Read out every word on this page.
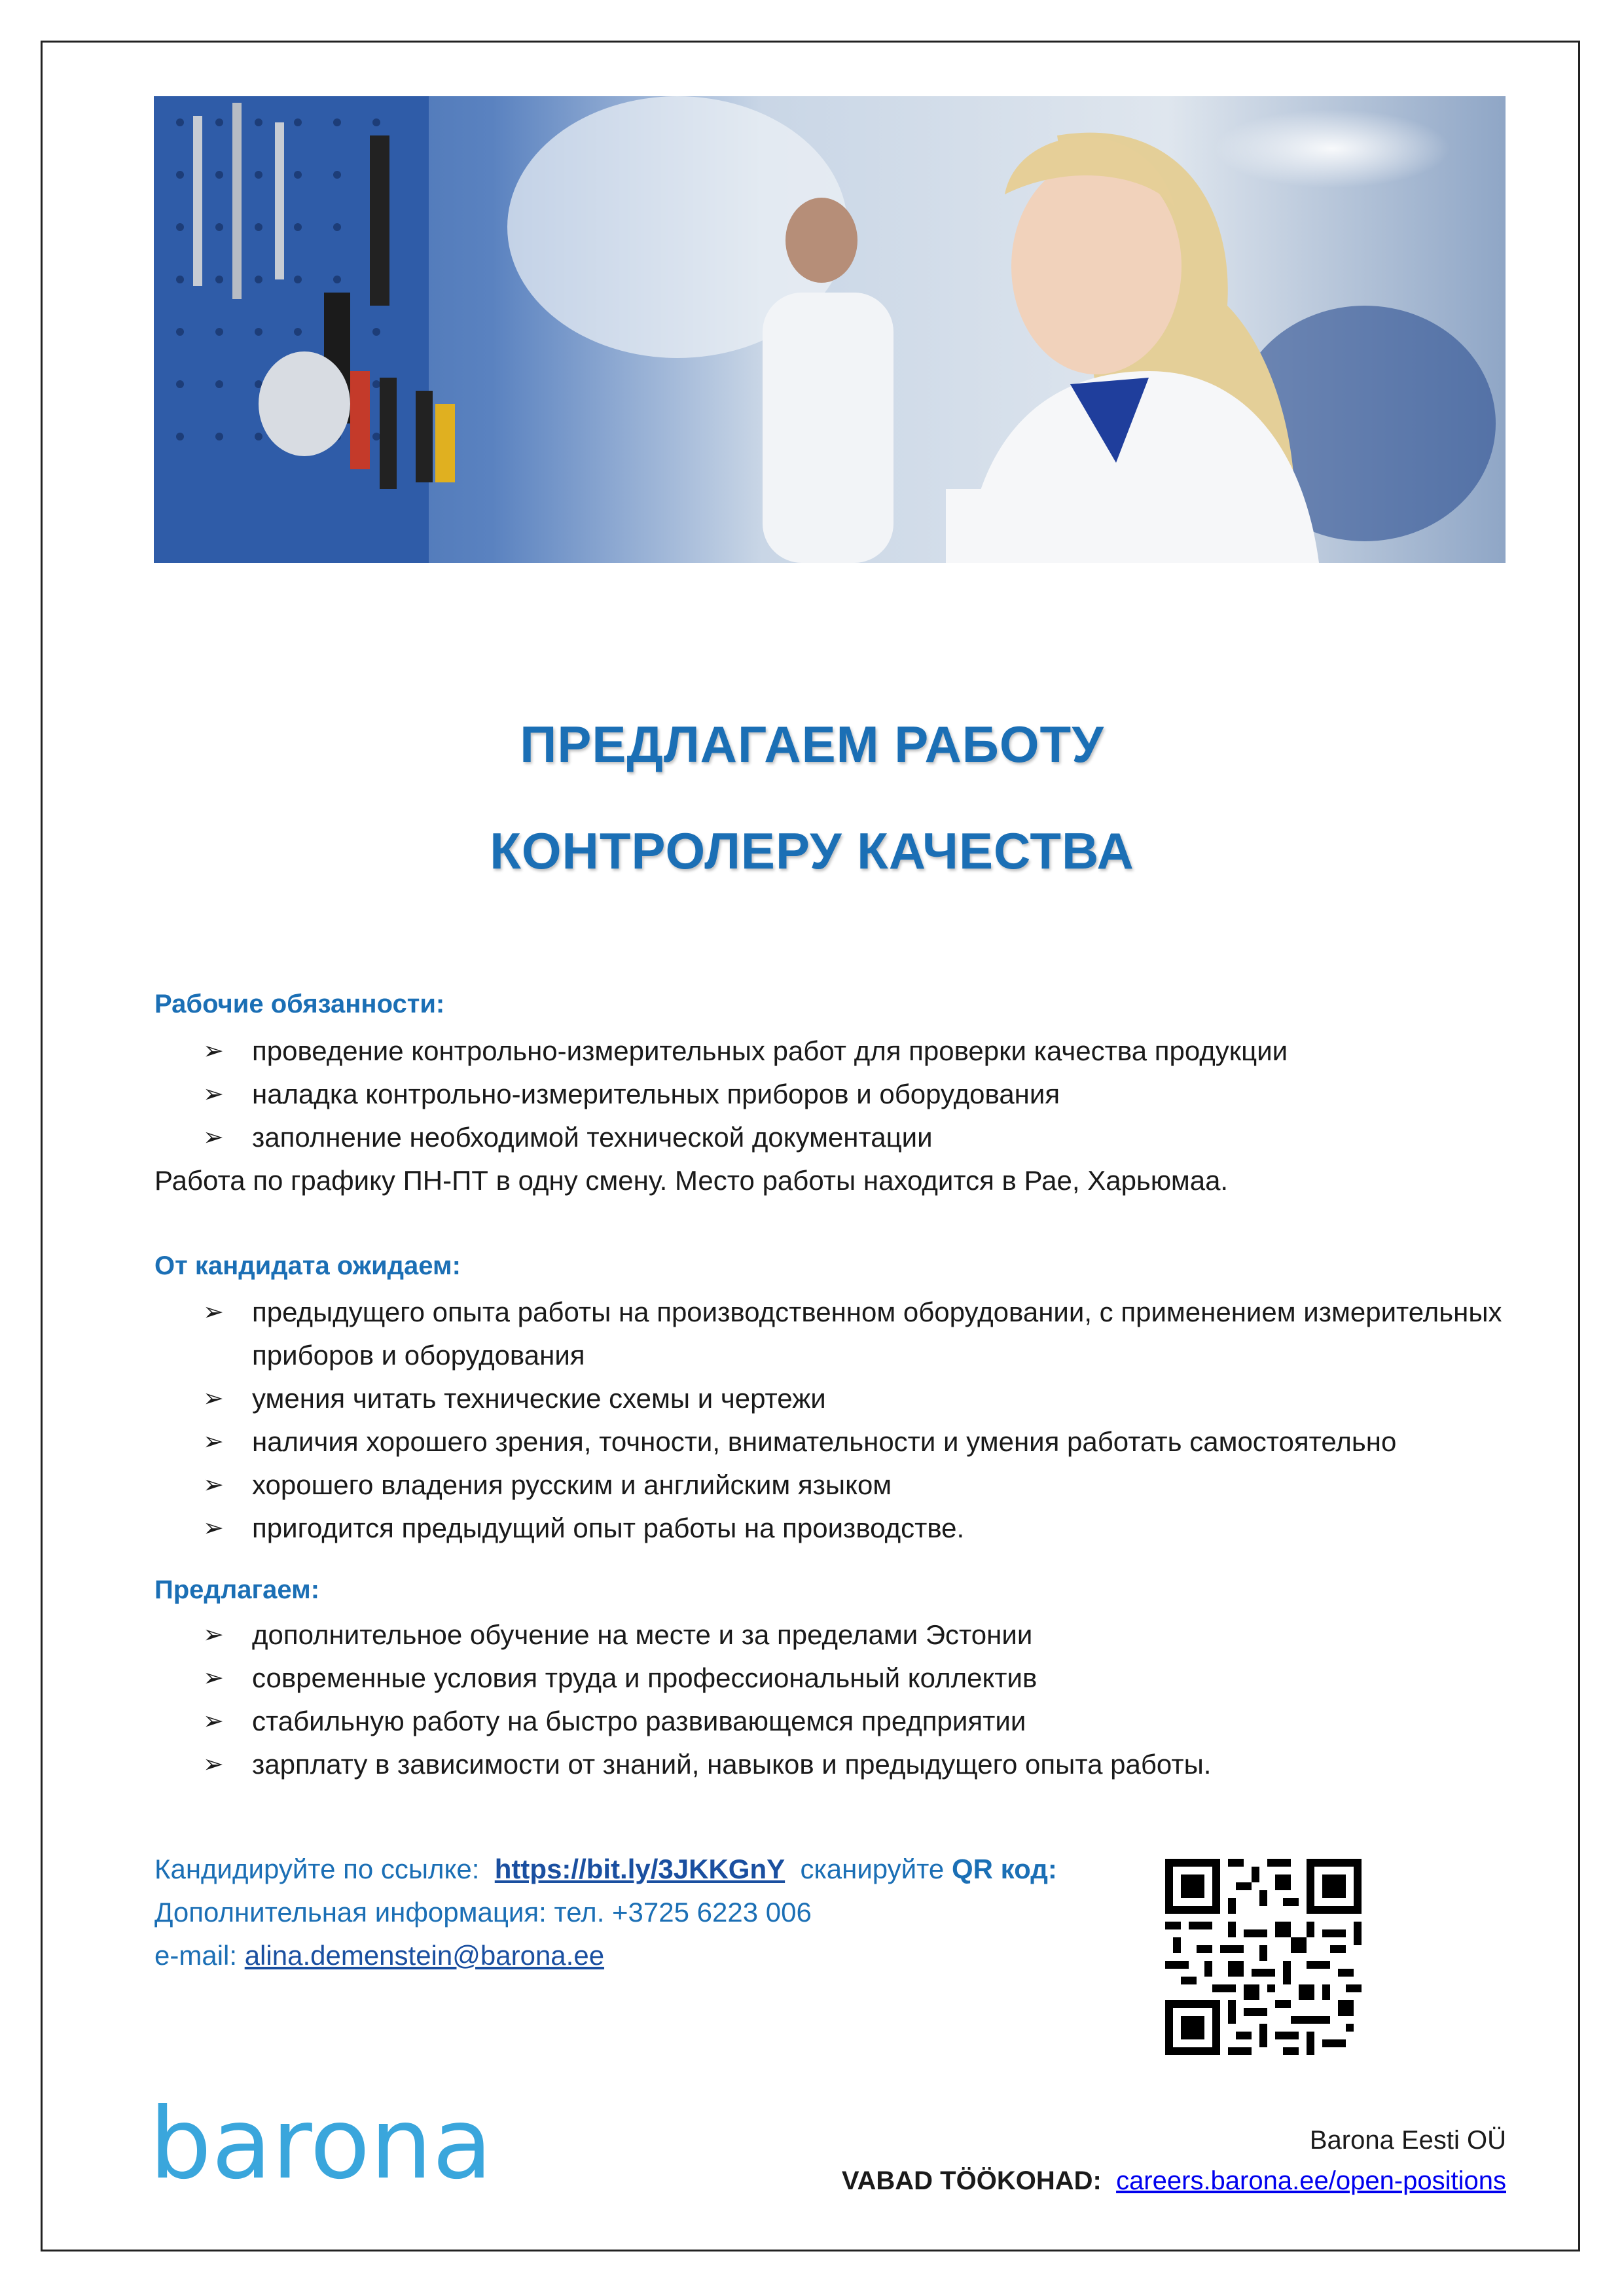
ПРЕДЛАГАЕМ РАБОТУ
КОНТРОЛЕРУ КАЧЕСТВА
Рабочие обязанности:
➢ проведение контрольно-измерительных работ для проверки качества продукции
➢ наладка контрольно-измерительных приборов и оборудования
➢ заполнение необходимой технической документации
Работа по графику ПН-ПТ в одну смену. Место работы находится в Рае, Харьюмаа.
От кандидата ожидаем:
➢ предыдущего опыта работы на производственном оборудовании, с применением измерительных приборов и оборудования
➢ умения читать технические схемы и чертежи
➢ наличия хорошего зрения, точности, внимательности и умения работать самостоятельно
➢ хорошего владения русским и английским языком
➢ пригодится предыдущий опыт работы на производстве.
Предлагаем:
➢ дополнительное обучение на месте и за пределами Эстонии
➢ современные условия труда и профессиональный коллектив
➢ стабильную работу на быстро развивающемся предприятии
➢ зарплату в зависимости от знаний, навыков и предыдущего опыта работы.
Кандидируйте по ссылке: https://bit.ly/3JKKGnY сканируйте QR код:
Дополнительная информация: тел. +3725 6223 006
e-mail: alina.demenstein@barona.ee
barona	Barona Eesti OÜ
VABAD TÖÖKOHAD: careers.barona.ee/open-positions
